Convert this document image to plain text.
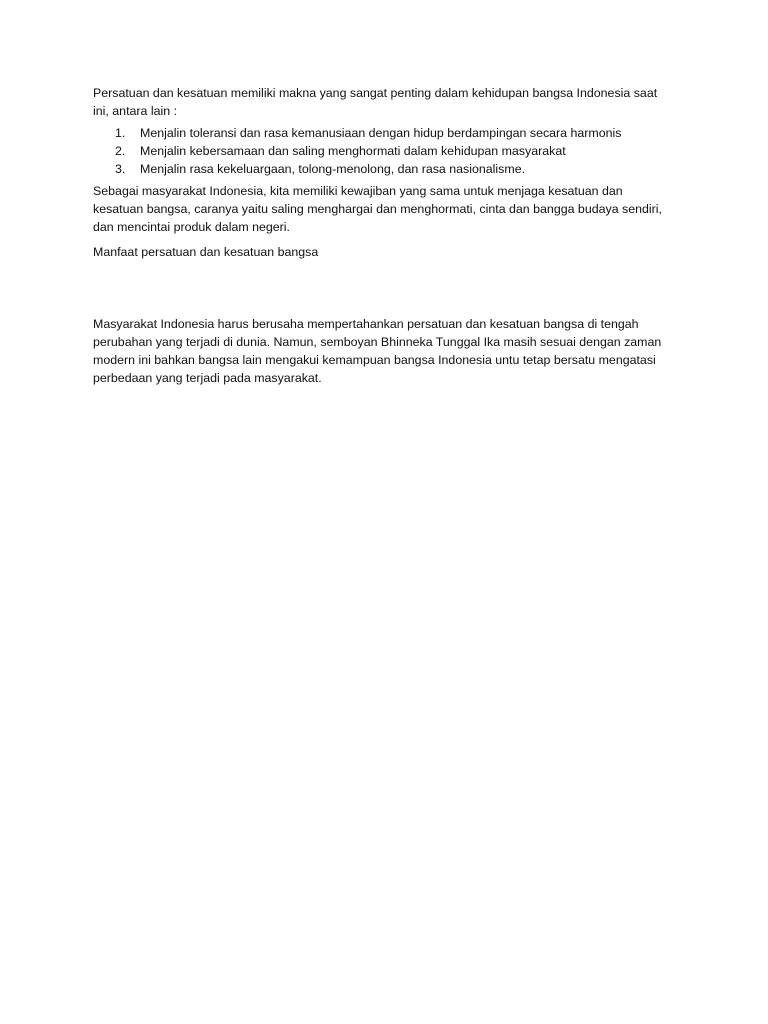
Persatuan dan kesatuan memiliki makna yang sangat penting dalam kehidupan bangsa Indonesia saat ini, antara lain :

1.	Menjalin toleransi dan rasa kemanusiaan dengan hidup berdampingan secara harmonis
2.	Menjalin kebersamaan dan saling menghormati dalam kehidupan masyarakat
3.	Menjalin rasa kekeluargaan, tolong-menolong, dan rasa nasionalisme.

Sebagai masyarakat Indonesia, kita memiliki kewajiban yang sama untuk menjaga kesatuan dan kesatuan bangsa, caranya yaitu saling menghargai dan menghormati, cinta dan bangga budaya sendiri, dan mencintai produk dalam negeri.

Manfaat persatuan dan kesatuan bangsa

Masyarakat Indonesia harus berusaha mempertahankan persatuan dan kesatuan bangsa di tengah perubahan yang terjadi di dunia. Namun, semboyan Bhinneka Tunggal Ika masih sesuai dengan zaman modern ini bahkan bangsa lain mengakui kemampuan bangsa Indonesia untu tetap bersatu mengatasi perbedaan yang terjadi pada masyarakat.
